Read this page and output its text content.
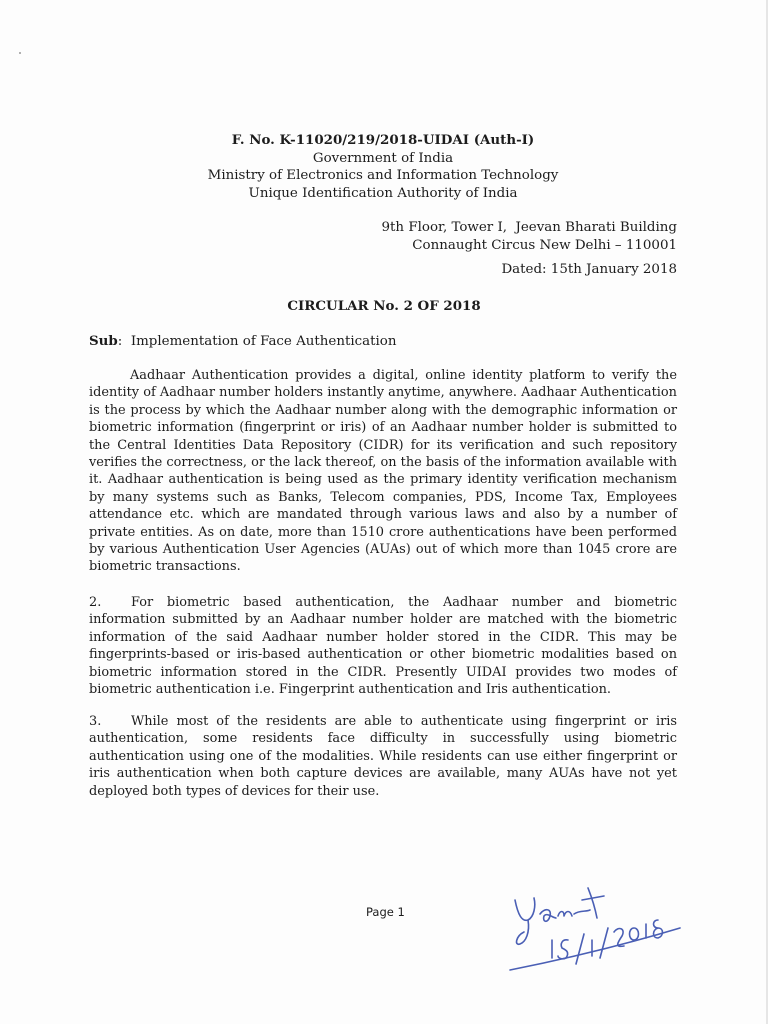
F. No. K-11020/219/2018-UIDAI (Auth-I)
Government of India
Ministry of Electronics and Information Technology
Unique Identification Authority of India
9th Floor, Tower I,  Jeevan Bharati Building
Connaught Circus New Delhi – 110001
Dated: 15th January 2018
CIRCULAR No. 2 OF 2018
Sub: Implementation of Face Authentication
Aadhaar Authentication provides a digital, online identity platform to verify the identity of Aadhaar number holders instantly anytime, anywhere. Aadhaar Authentication is the process by which the Aadhaar number along with the demographic information or biometric information (fingerprint or iris) of an Aadhaar number holder is submitted to the Central Identities Data Repository (CIDR) for its verification and such repository verifies the correctness, or the lack thereof, on the basis of the information available with it. Aadhaar authentication is being used as the primary identity verification mechanism by many systems such as Banks, Telecom companies, PDS, Income Tax, Employees attendance etc. which are mandated through various laws and also by a number of private entities. As on date, more than 1510 crore authentications have been performed by various Authentication User Agencies (AUAs) out of which more than 1045 crore are biometric transactions.
2. For biometric based authentication, the Aadhaar number and biometric information submitted by an Aadhaar number holder are matched with the biometric information of the said Aadhaar number holder stored in the CIDR. This may be fingerprints-based or iris-based authentication or other biometric modalities based on biometric information stored in the CIDR. Presently UIDAI provides two modes of biometric authentication i.e. Fingerprint authentication and Iris authentication.
3. While most of the residents are able to authenticate using fingerprint or iris authentication, some residents face difficulty in successfully using biometric authentication using one of the modalities. While residents can use either fingerprint or iris authentication when both capture devices are available, many AUAs have not yet deployed both types of devices for their use.
Page 1
